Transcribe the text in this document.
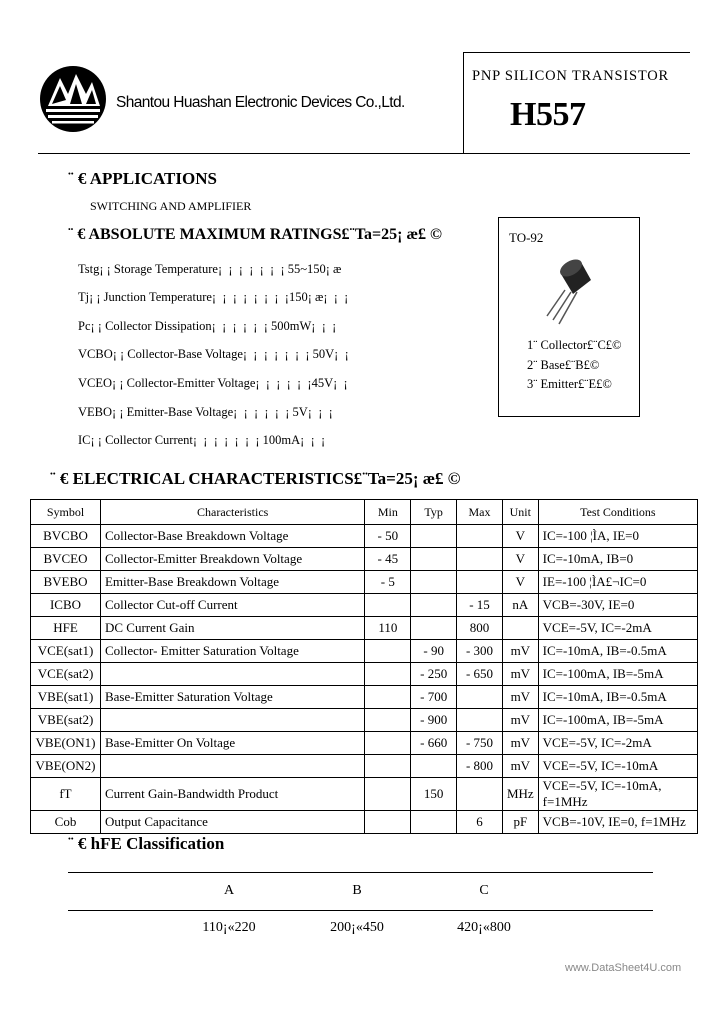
Shantou Huashan Electronic Devices Co.,Ltd.
PNP SILICON TRANSISTOR
H557
¨ € APPLICATIONS
SWITCHING AND AMPLIFIER
¨ € ABSOLUTE MAXIMUM RATINGS£¨Ta=25¡ æ£ ©
Tstg¡ ¡ Storage Temperature¡ ¡ ¡ ¡ ¡ ¡ ¡ 55~150¡ æ
Tj¡ ¡ Junction Temperature¡ ¡ ¡ ¡ ¡ ¡ ¡ ¡150¡ æ¡ ¡ ¡
Pc¡ ¡ Collector Dissipation¡ ¡ ¡ ¡ ¡ ¡ 500mW¡ ¡ ¡
VCBO¡ ¡ Collector-Base Voltage¡ ¡ ¡ ¡ ¡ ¡ ¡ 50V¡ ¡
VCEO¡ ¡ Collector-Emitter Voltage¡ ¡ ¡ ¡ ¡ ¡45V¡ ¡
VEBO¡ ¡ Emitter-Base Voltage¡ ¡ ¡ ¡ ¡ ¡ 5V¡ ¡ ¡
IC¡ ¡ Collector Current¡ ¡ ¡ ¡ ¡ ¡ ¡ 100mA¡ ¡ ¡
TO-92
1¨ Collector£¨C£©
2¨ Base£¨B£©
3¨ Emitter£¨E£©
¨ € ELECTRICAL CHARACTERISTICS£¨Ta=25¡ æ£ ©
Symbol	Characteristics	Min	Typ	Max	Unit	Test Conditions
BVCBO	Collector-Base Breakdown Voltage	- 50			V	IC=-100 ¦ÌA, IE=0
BVCEO	Collector-Emitter Breakdown Voltage	- 45			V	IC=-10mA, IB=0
BVEBO	Emitter-Base Breakdown Voltage	- 5			V	IE=-100 ¦ÌA£¬IC=0
ICBO	Collector Cut-off Current			- 15	nA	VCB=-30V, IE=0
HFE	DC Current Gain	110		800		VCE=-5V, IC=-2mA
VCE(sat1)	Collector- Emitter Saturation Voltage		- 90	- 300	mV	IC=-10mA, IB=-0.5mA
VCE(sat2)			- 250	- 650	mV	IC=-100mA, IB=-5mA
VBE(sat1)	Base-Emitter Saturation Voltage		- 700		mV	IC=-10mA, IB=-0.5mA
VBE(sat2)			- 900		mV	IC=-100mA, IB=-5mA
VBE(ON1)	Base-Emitter On Voltage		- 660	- 750	mV	VCE=-5V, IC=-2mA
VBE(ON2)				- 800	mV	VCE=-5V, IC=-10mA
fT	Current Gain-Bandwidth Product		150		MHz	VCE=-5V, IC=-10mA, f=1MHz
Cob	Output Capacitance			6	pF	VCB=-10V, IE=0, f=1MHz
¨ € hFE Classification
A	B	C
110¡«220	200¡«450	420¡«800
www.DataSheet4U.com
